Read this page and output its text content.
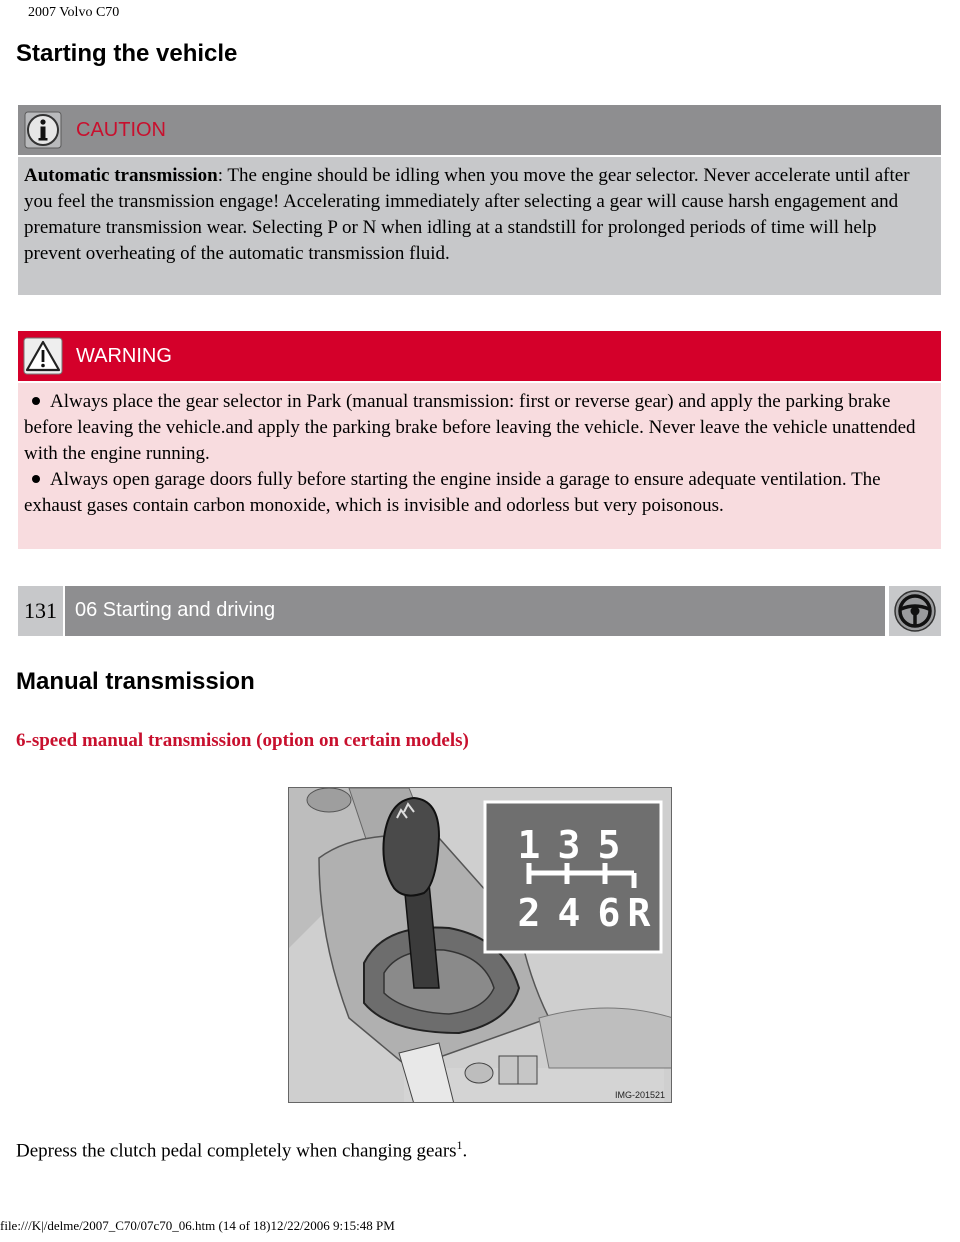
2007 Volvo C70
Starting the vehicle
CAUTION
Automatic transmission: The engine should be idling when you move the gear selector. Never accelerate until after you feel the transmission engage! Accelerating immediately after selecting a gear will cause harsh engagement and premature transmission wear. Selecting P or N when idling at a standstill for prolonged periods of time will help prevent overheating of the automatic transmission fluid.
WARNING
Always place the gear selector in Park (manual transmission: first or reverse gear) and apply the parking brake before leaving the vehicle.and apply the parking brake before leaving the vehicle. Never leave the vehicle unattended with the engine running.
Always open garage doors fully before starting the engine inside a garage to ensure adequate ventilation. The exhaust gases contain carbon monoxide, which is invisible and odorless but very poisonous.
131 06 Starting and driving
Manual transmission
6-speed manual transmission (option on certain models)
1 3 5
2 4 6 R
IMG-201521
Depress the clutch pedal completely when changing gears$^1$.
file:///K|/delme/2007_C70/07c70_06.htm (14 of 18)12/22/2006 9:15:48 PM
